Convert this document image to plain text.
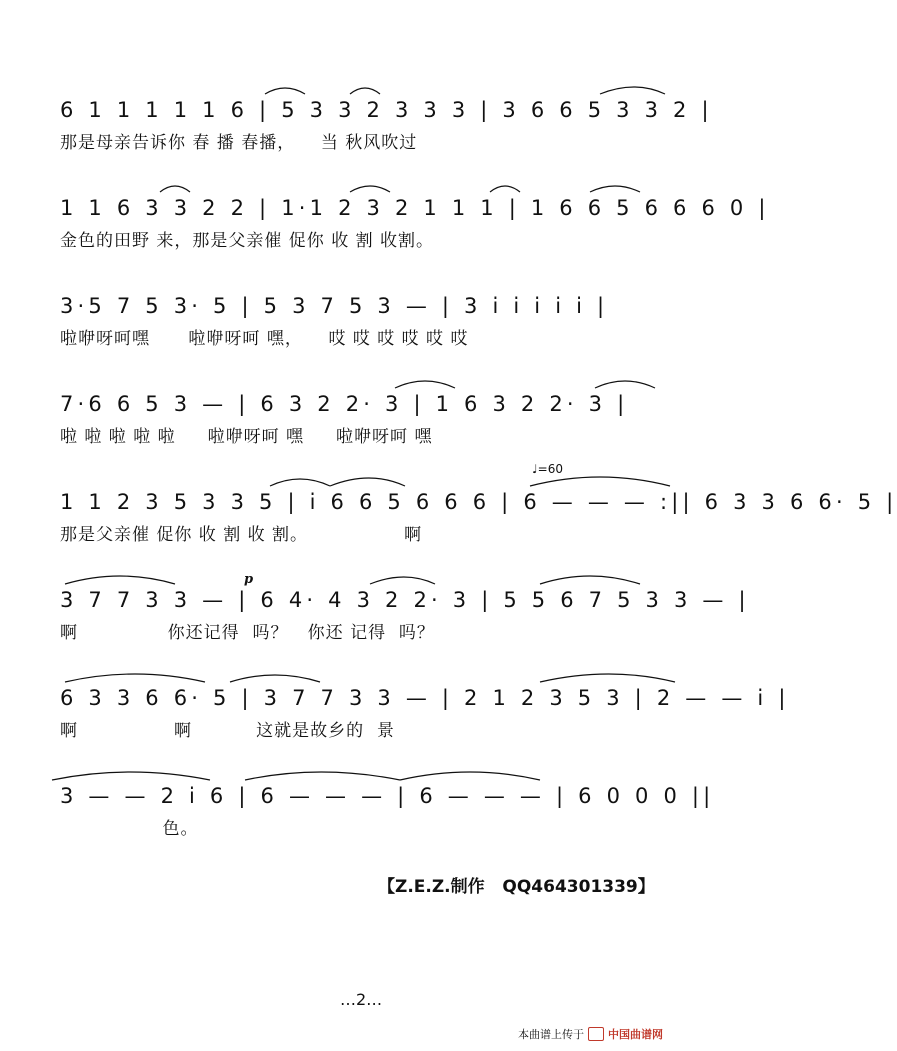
6 1 1 1 1 1 6 | 5 3 3 2 3 3 3 | 3 6 6 5 3 3 2 |
那是母亲告诉你 春 播 春播，    当 秋风吹过
1 1 6 3 3 2 2 | 1·1 2 3 2 1 1 1 | 1 6 6 5 6 6 6 0 |
金色的田野 来，那是父亲催 促你 收 割 收割。
3·5 7 5 3· 5 | 5 3 7 5 3 — | 3 i i i i i |
啦咿呀呵嘿      啦咿呀呵 嘿，    哎 哎 哎 哎 哎 哎
7·6 6 5 3 — | 6 3 2 2· 3 | 1 6 3 2 2· 3 |
啦 啦 啦 啦 啦     啦咿呀呵 嘿     啦咿呀呵 嘿
♩=60
1 1 2 3 5 3 3 5 | i 6 6 5 6 6 6 | 6 — — — :|| 6 3 3 6 6· 5 |
那是父亲催 促你 收 割 收 割。               啊
p
3 7 7 3 3 — | 6 4· 4 3 2 2· 3 | 5 5 6 7 5 3 3 — |
啊              你还记得  吗？   你还 记得  吗？
6 3 3 6 6· 5 | 3 7 7 3 3 — | 2 1 2 3 5 3 | 2 — — i |
啊               啊          这就是故乡的  景
3 — — 2 i 6 | 6 — — — | 6 — — — | 6 0 0 0 ||
色。
【Z.E.Z.制作   QQ464301339】
…2…
本曲谱上传于 中国曲谱网
